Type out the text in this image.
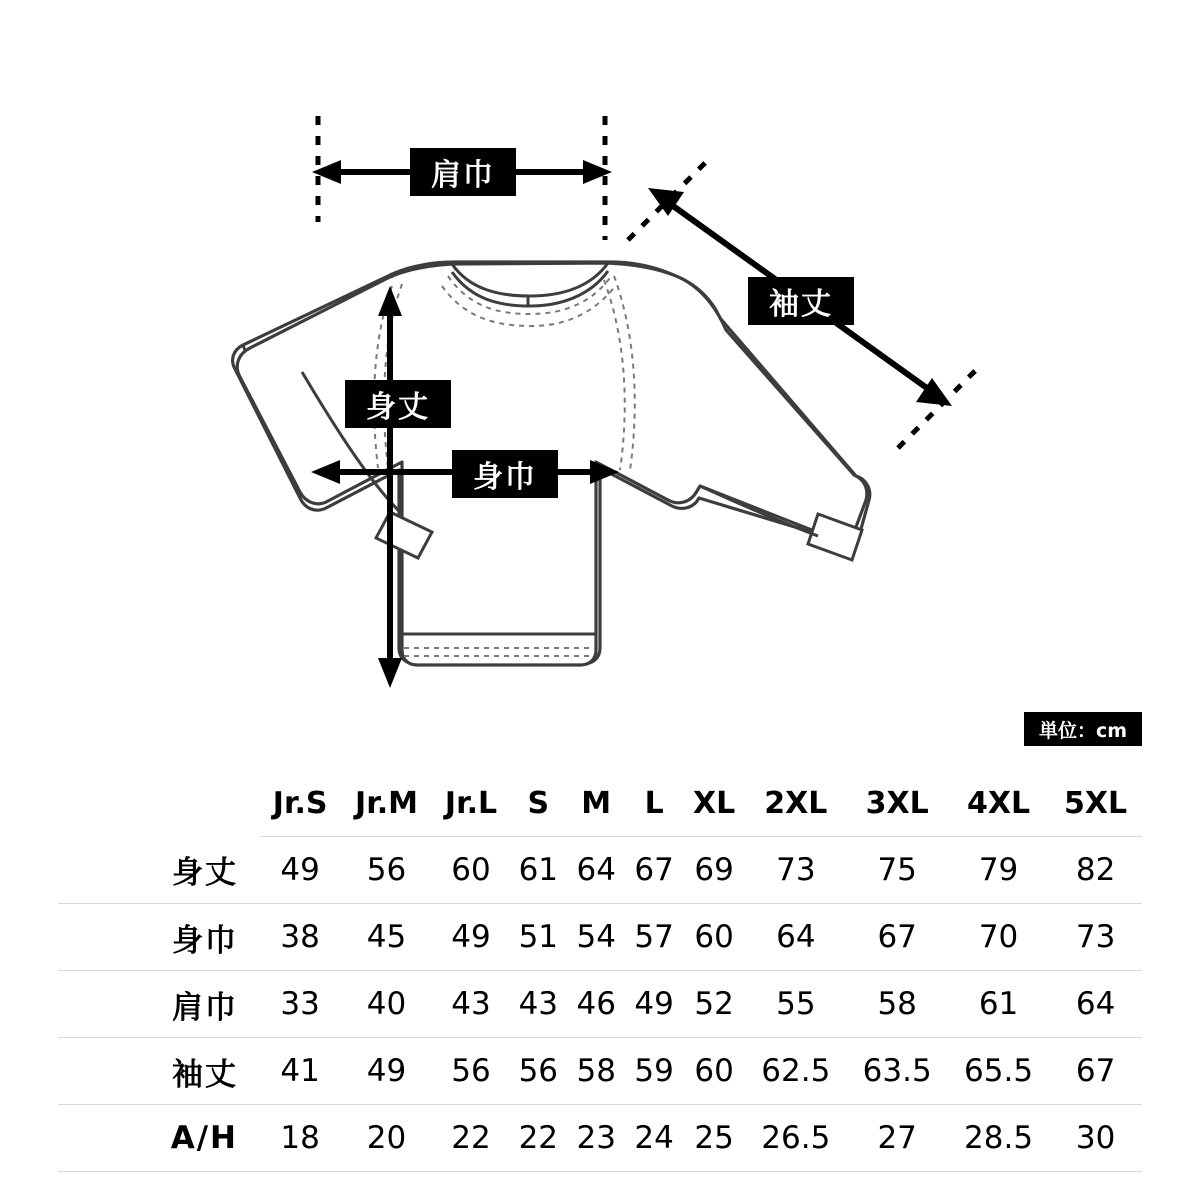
肩巾
袖丈
身丈
身巾
単位：cm
	Jr.S	Jr.M	Jr.L	S	M	L	XL	2XL	3XL	4XL	5XL
身丈	49	56	60	61	64	67	69	73	75	79	82
身巾	38	45	49	51	54	57	60	64	67	70	73
肩巾	33	40	43	43	46	49	52	55	58	61	64
袖丈	41	49	56	56	58	59	60	62.5	63.5	65.5	67
A/H	18	20	22	22	23	24	25	26.5	27	28.5	30
